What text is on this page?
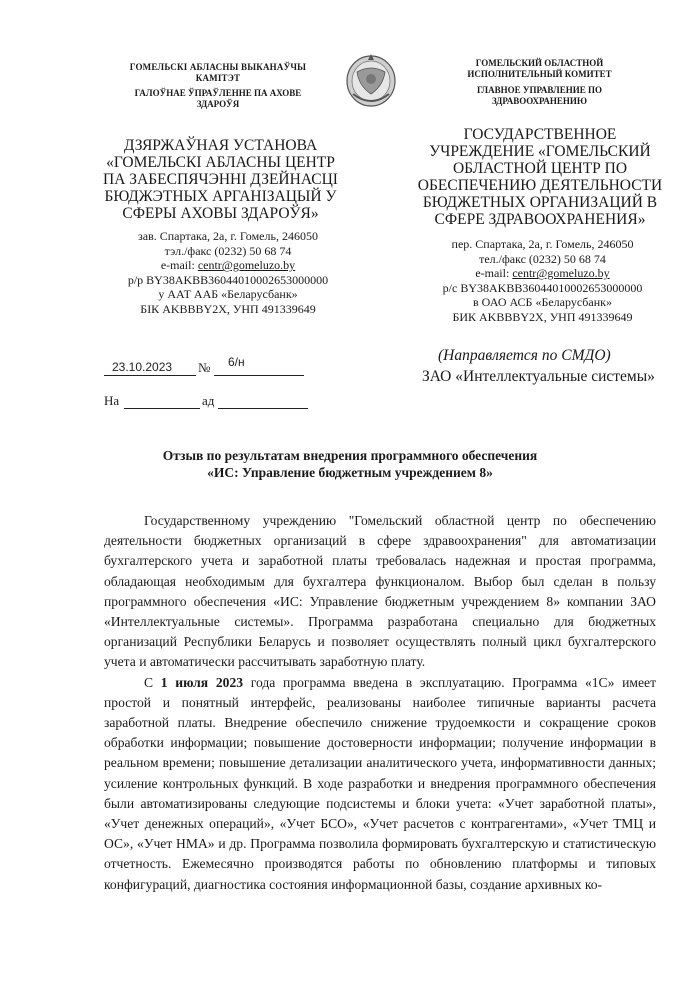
ГОМЕЛЬСКІ АБЛАСНЫ ВЫКАНАЎЧЫ КАМІТЭТ
ГАЛОЎНАЕ ЎПРАЎЛЕННЕ ПА АХОВЕ ЗДАРОЎЯ
ДЗЯРЖАЎНАЯ УСТАНОВА «ГОМЕЛЬСКІ АБЛАСНЫ ЦЕНТР ПА ЗАБЕСПЯЧЭННІ ДЗЕЙНАСЦІ БЮДЖЭТНЫХ АРГАНІЗАЦЫЙ У СФЕРЫ АХОВЫ ЗДАРОЎЯ»
зав. Спартака, 2а, г. Гомель, 246050
тэл./факс (0232) 50 68 74
e-mail: centr@gomeluzo.by
р/р BY38AKBB36044010002653000000
у ААТ ААБ «Беларусбанк»
БІК AKBBBY2X, УНП 491339649
ГОМЕЛЬСКИЙ ОБЛАСТНОЙ ИСПОЛНИТЕЛЬНЫЙ КОМИТЕТ
ГЛАВНОЕ УПРАВЛЕНИЕ ПО ЗДРАВООХРАНЕНИЮ
ГОСУДАРСТВЕННОЕ УЧРЕЖДЕНИЕ «ГОМЕЛЬСКИЙ ОБЛАСТНОЙ ЦЕНТР ПО ОБЕСПЕЧЕНИЮ ДЕЯТЕЛЬНОСТИ БЮДЖЕТНЫХ ОРГАНИЗАЦИЙ В СФЕРЕ ЗДРАВООХРАНЕНИЯ»
пер. Спартака, 2а, г. Гомель, 246050
тел./факс (0232) 50 68 74
e-mail: centr@gomeluzo.by
р/с BY38AKBB36044010002653000000
в ОАО АСБ «Беларусбанк»
БИК AKBBBY2X, УНП 491339649
23.10.2023 № 6/н
На	ад
(Направляется по СМДО)
ЗАО «Интеллектуальные системы»
Отзыв по результатам внедрения программного обеспечения «ИС: Управление бюджетным учреждением 8»

Государственному учреждению "Гомельский областной центр по обеспечению деятельности бюджетных организаций в сфере здравоохранения" для автоматизации бухгалтерского учета и заработной платы требовалась надежная и простая программа, обладающая необходимым для бухгалтера функционалом. Выбор был сделан в пользу программного обеспечения «ИС: Управление бюджетным учреждением 8» компании ЗАО «Интеллектуальные системы». Программа разработана специально для бюджетных организаций Республики Беларусь и позволяет осуществлять полный цикл бухгалтерского учета и автоматически рассчитывать заработную плату.

С 1 июля 2023 года программа введена в эксплуатацию. Программа «1С» имеет простой и понятный интерфейс, реализованы наиболее типичные варианты расчета заработной платы. Внедрение обеспечило снижение трудоемкости и сокращение сроков обработки информации; повышение достоверности информации; получение информации в реальном времени; повышение детализации аналитического учета, информативности данных; усиление контрольных функций. В ходе разработки и внедрения программного обеспечения были автоматизированы следующие подсистемы и блоки учета: «Учет заработной платы», «Учет денежных операций», «Учет БСО», «Учет расчетов с контрагентами», «Учет ТМЦ и ОС», «Учет НМА» и др. Программа позволила формировать бухгалтерскую и статистическую отчетность. Ежемесячно производятся работы по обновлению платформы и типовых конфигураций, диагностика состояния информационной базы, создание архивных ко-
